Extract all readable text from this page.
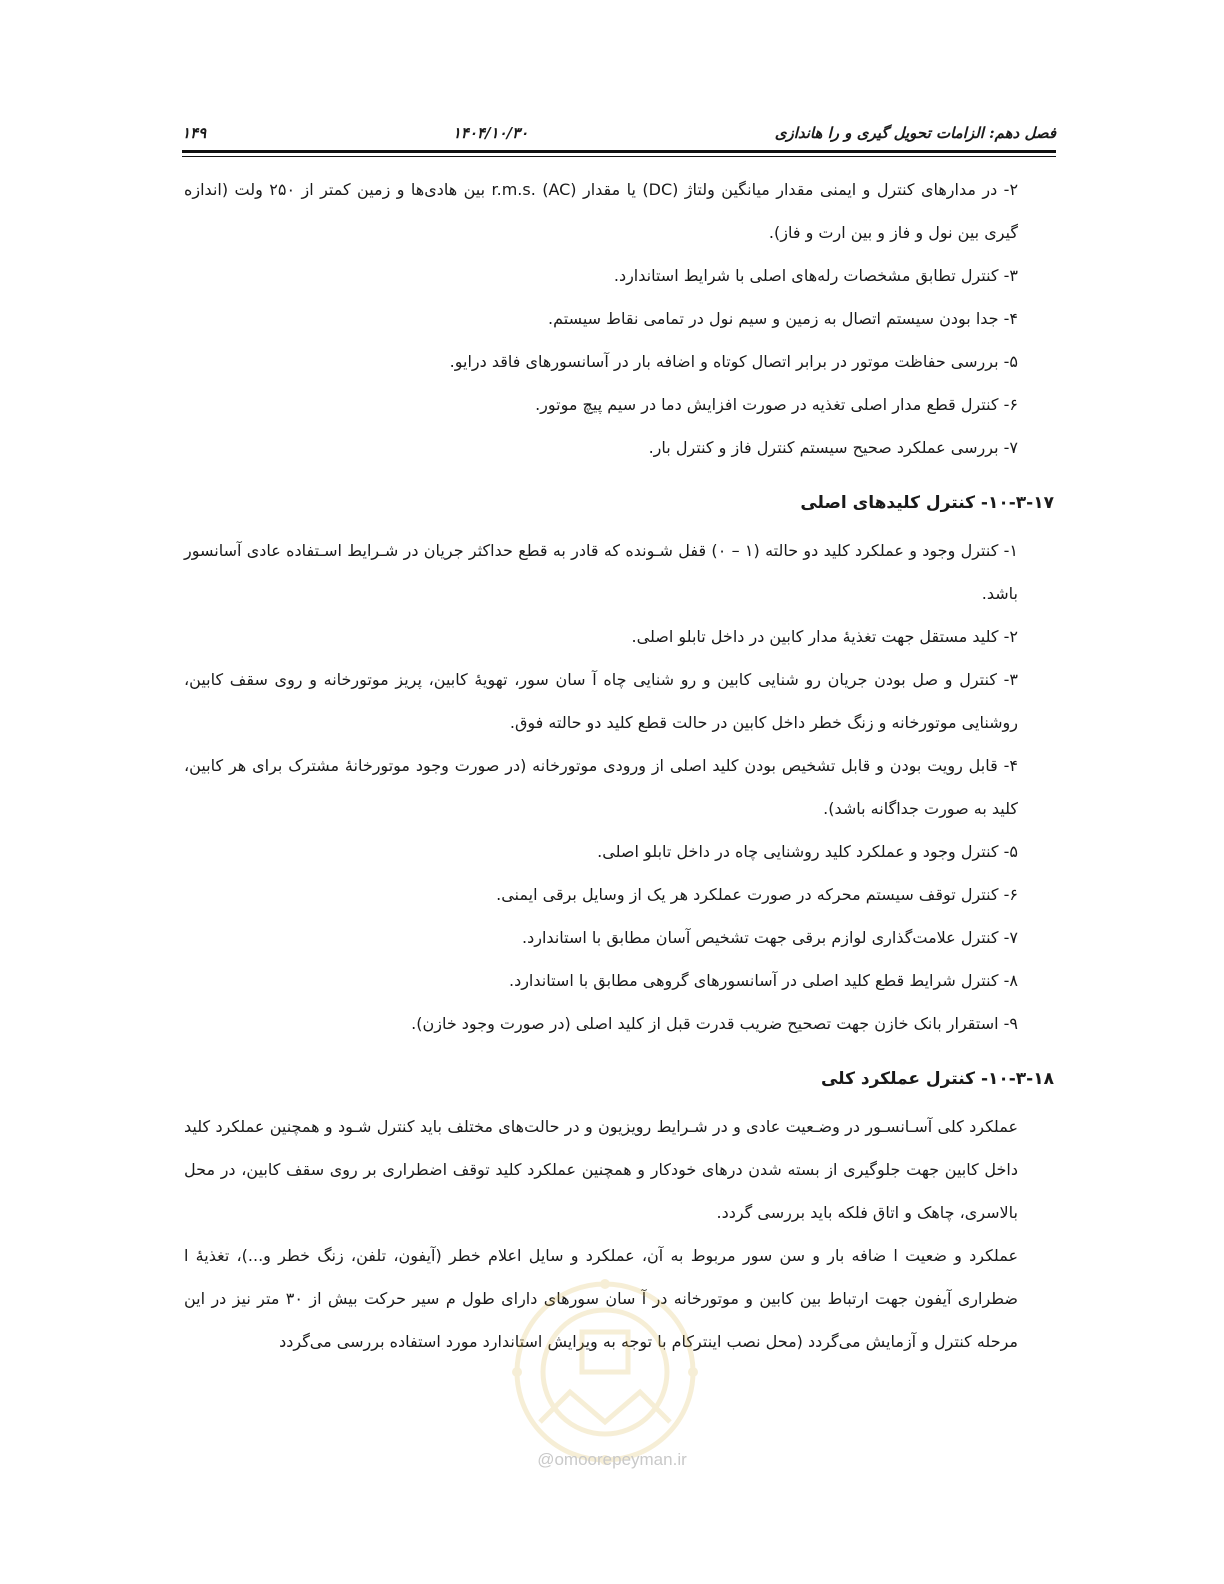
فصل دهم: الزامات تحویل گیری و را هاندازی
۱۴۰۴/۱۰/۳۰
۱۴۹

۲- در مدارهای کنترل و ایمنی مقدار میانگین ولتاژ (DC) یا مقدار r.m.s. (AC) بین هادی‌ها و زمین کمتر از ۲۵۰ ولت (اندازه گیری بین نول و فاز و بین ارت و فاز).

۳- کنترل تطابق مشخصات رله‌های اصلی با شرایط استاندارد.

۴- جدا بودن سیستم اتصال به زمین و سیم نول در تمامی نقاط سیستم.

۵- بررسی حفاظت موتور در برابر اتصال کوتاه و اضافه بار در آسانسورهای فاقد درایو.

۶- کنترل قطع مدار اصلی تغذیه در صورت افزایش دما در سیم پیچ موتور.

۷- بررسی عملکرد صحیح سیستم کنترل فاز و کنترل بار.

۱۰-۳-۱۷- کنترل کلیدهای اصلی

۱- کنترل وجود و عملکرد کلید دو حالته (۱ – ۰) قفل شـونده که قادر به قطع حداکثر جریان در شـرایط اسـتفاده عادی آسانسور باشد.

۲- کلید مستقل جهت تغذیهٔ مدار کابین در داخل تابلو اصلی.

۳- کنترل و صل بودن جریان رو شنایی کابین و رو شنایی چاه آ سان سور، تهویهٔ کابین، پریز موتورخانه و روی سقف کابین، روشنایی موتورخانه و زنگ خطر داخل کابین در حالت قطع کلید دو حالته فوق.

۴- قابل رویت بودن و قابل تشخیص بودن کلید اصلی از ورودی موتورخانه (در صورت وجود موتورخانهٔ مشترک برای هر کابین، کلید به صورت جداگانه باشد).

۵- کنترل وجود و عملکرد کلید روشنایی چاه در داخل تابلو اصلی.

۶- کنترل توقف سیستم محرکه در صورت عملکرد هر یک از وسایل برقی ایمنی.

۷- کنترل علامت‌گذاری لوازم برقی جهت تشخیص آسان مطابق با استاندارد.

۸- کنترل شرایط قطع کلید اصلی در آسانسورهای گروهی مطابق با استاندارد.

۹- استقرار بانک خازن جهت تصحیح ضریب قدرت قبل از کلید اصلی (در صورت وجود خازن).

۱۰-۳-۱۸- کنترل عملکرد کلی

عملکرد کلی آسـانسـور در وضـعیت عادی و در شـرایط رویزیون و در حالت‌های مختلف باید کنترل شـود و همچنین عملکرد کلید داخل کابین جهت جلوگیری از بسته شدن درهای خودکار و همچنین عملکرد کلید توقف اضطراری بر روی سقف کابین، در محل بالاسری، چاهک و اتاق فلکه باید بررسی گردد.

عملکرد و ضعیت ا ضافه بار و سن سور مربوط به آن، عملکرد و سایل اعلام خطر (آیفون، تلفن، زنگ خطر و...)، تغذیهٔ ا ضطراری آیفون جهت ارتباط بین کابین و موتورخانه در آ سان سورهای دارای طول م سیر حرکت بیش از ۳۰ متر نیز در این مرحله کنترل و آزمایش می‌گردد (محل نصب اینترکام با توجه به ویرایش استاندارد مورد استفاده بررسی می‌گردد

@omoorepeyman.ir
